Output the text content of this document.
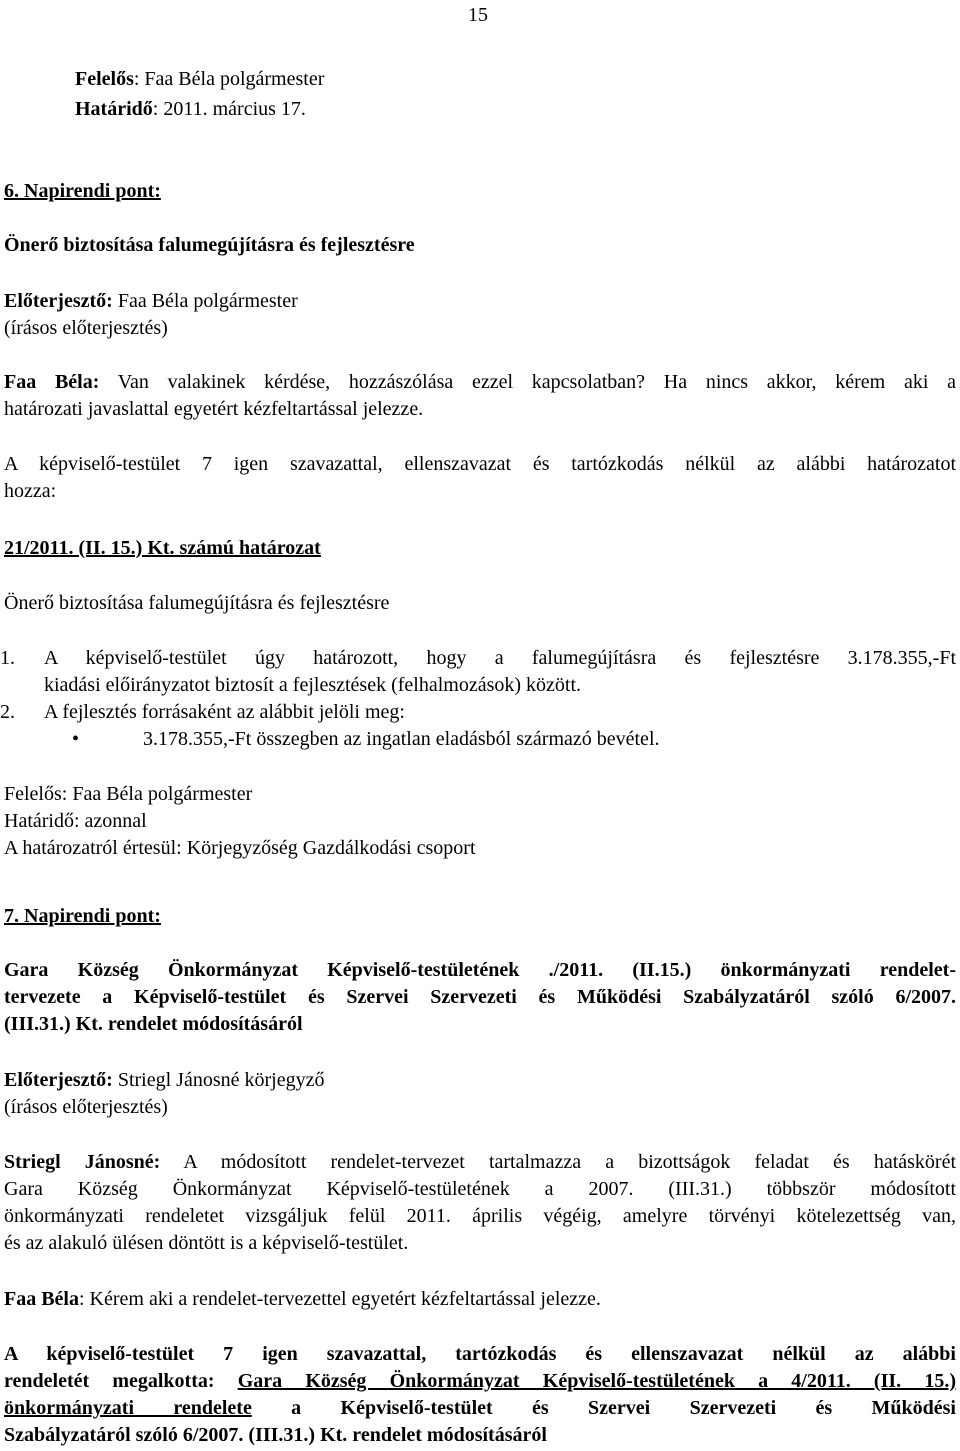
15
Felelős: Faa Béla polgármester
Határidő: 2011. március 17.
6. Napirendi pont:
Önerő biztosítása falumegújításra és fejlesztésre
Előterjesztő: Faa Béla polgármester
(írásos előterjesztés)
Faa Béla: Van valakinek kérdése, hozzászólása ezzel kapcsolatban? Ha nincs akkor, kérem aki a
határozati javaslattal egyetért kézfeltartással jelezze.
A képviselő-testület 7 igen szavazattal, ellenszavazat és tartózkodás nélkül az alábbi határozatot
hozza:
21/2011. (II. 15.) Kt. számú határozat
Önerő biztosítása falumegújításra és fejlesztésre
1.	A képviselő-testület úgy határozott, hogy a falumegújításra és fejlesztésre 3.178.355,-Ft
kiadási előirányzatot biztosít a fejlesztések (felhalmozások) között.
2.	A fejlesztés forrásaként az alábbit jelöli meg:
•	3.178.355,-Ft összegben az ingatlan eladásból származó bevétel.
Felelős: Faa Béla polgármester
Határidő: azonnal
A határozatról értesül: Körjegyzőség Gazdálkodási csoport
7. Napirendi pont:
Gara Község Önkormányzat Képviselő-testületének ./2011. (II.15.) önkormányzati rendelet-
tervezete a Képviselő-testület és Szervei Szervezeti és Működési Szabályzatáról szóló 6/2007.
(III.31.) Kt. rendelet módosításáról
Előterjesztő: Striegl Jánosné körjegyző
(írásos előterjesztés)
Striegl Jánosné: A módosított rendelet-tervezet tartalmazza a bizottságok feladat és hatáskörét
Gara Község Önkormányzat Képviselő-testületének a 2007. (III.31.) többször módosított
önkormányzati rendeletet vizsgáljuk felül 2011. április végéig, amelyre törvényi kötelezettség van,
és az alakuló ülésen döntött is a képviselő-testület.
Faa Béla: Kérem aki a rendelet-tervezettel egyetért kézfeltartással jelezze.
A képviselő-testület 7 igen szavazattal, tartózkodás és ellenszavazat nélkül az alábbi
rendeletét megalkotta: Gara Község Önkormányzat Képviselő-testületének a 4/2011. (II. 15.)
önkormányzati rendelete a Képviselő-testület és Szervei Szervezeti és Működési
Szabályzatáról szóló 6/2007. (III.31.) Kt. rendelet módosításáról
